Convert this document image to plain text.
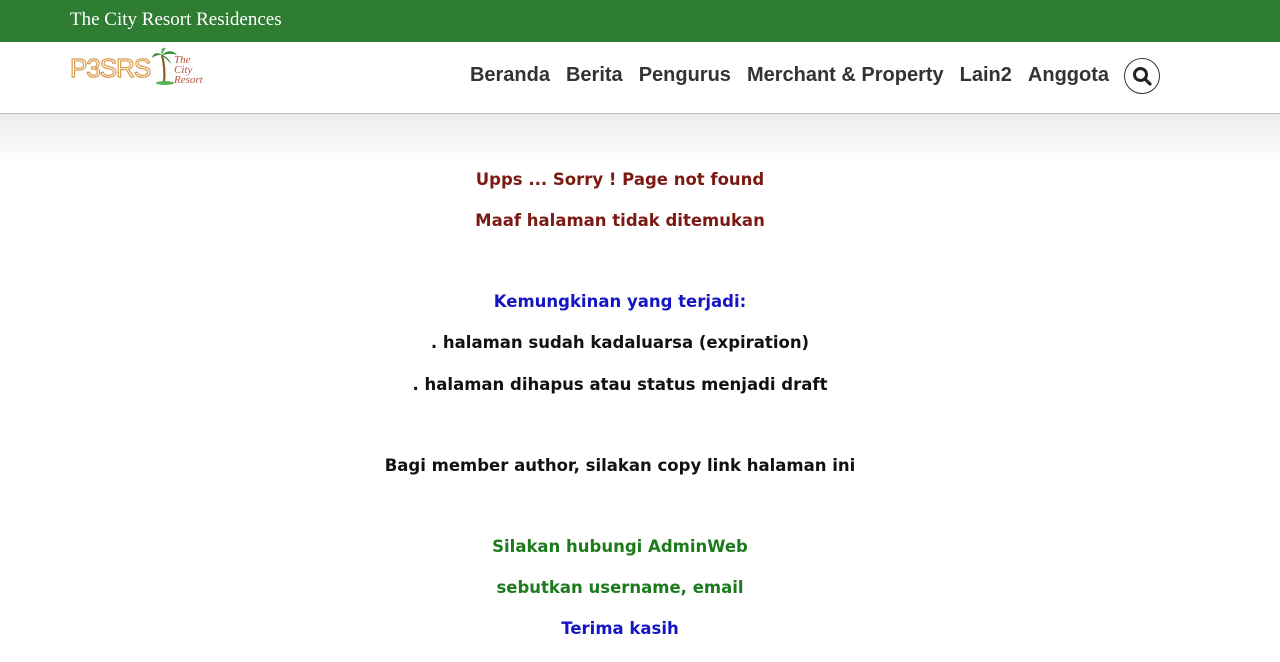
The City Resort Residences
P3SRS The City
Resort	Beranda Berita Pengurus Merchant & Property Lain2 Anggota

Upps ... Sorry ! Page not found

Maaf halaman tidak ditemukan

Kemungkinan yang terjadi:

. halaman sudah kadaluarsa (expiration)

. halaman dihapus atau status menjadi draft

Bagi member author, silakan copy link halaman ini

Silakan hubungi AdminWeb

sebutkan username, email

Terima kasih
